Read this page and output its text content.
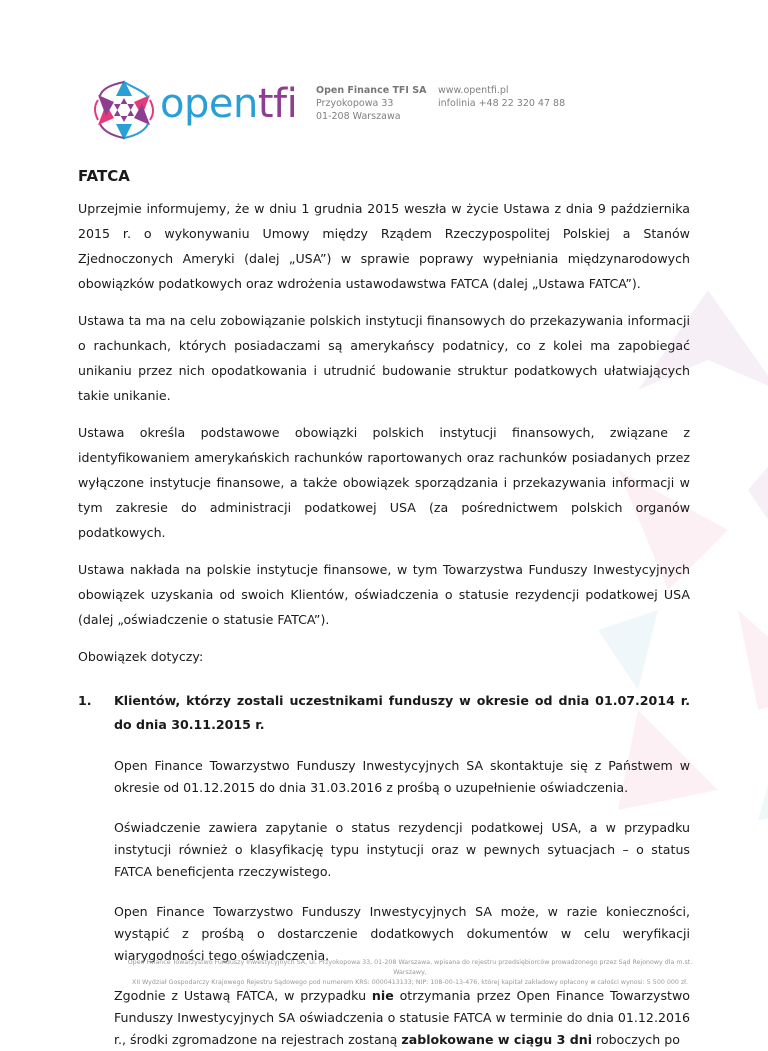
opentfi Open Finance TFI SA
Przyokopowa 33
01-208 Warszawa
www.opentfi.pl
infolinia +48 22 320 47 88
FATCA

Uprzejmie informujemy, że w dniu 1 grudnia 2015 weszła w życie Ustawa z dnia 9 października 2015 r. o wykonywaniu Umowy między Rządem Rzeczypospolitej Polskiej a Stanów Zjednoczonych Ameryki (dalej „USA”) w sprawie poprawy wypełniania międzynarodowych obowiązków podatkowych oraz wdrożenia ustawodawstwa FATCA (dalej „Ustawa FATCA”).

Ustawa ta ma na celu zobowiązanie polskich instytucji finansowych do przekazywania informacji o rachunkach, których posiadaczami są amerykańscy podatnicy, co z kolei ma zapobiegać unikaniu przez nich opodatkowania i utrudnić budowanie struktur podatkowych ułatwiających takie unikanie.

Ustawa określa podstawowe obowiązki polskich instytucji finansowych, związane z identyfikowaniem amerykańskich rachunków raportowanych oraz rachunków posiadanych przez wyłączone instytucje finansowe, a także obowiązek sporządzania i przekazywania informacji w tym zakresie do administracji podatkowej USA (za pośrednictwem polskich organów podatkowych.

Ustawa nakłada na polskie instytucje finansowe, w tym Towarzystwa Funduszy Inwestycyjnych obowiązek uzyskania od swoich Klientów, oświadczenia o statusie rezydencji podatkowej USA (dalej „oświadczenie o statusie FATCA”).

Obowiązek dotyczy:

1.	Klientów, którzy zostali uczestnikami funduszy w okresie od dnia 01.07.2014 r. do dnia 30.11.2015 r.
Open Finance Towarzystwo Funduszy Inwestycyjnych SA skontaktuje się z Państwem w okresie od 01.12.2015 do dnia 31.03.2016 z prośbą o uzupełnienie oświadczenia.
Oświadczenie zawiera zapytanie o status rezydencji podatkowej USA, a w przypadku instytucji również o klasyfikację typu instytucji oraz w pewnych sytuacjach – o status FATCA beneficjenta rzeczywistego.
Open Finance Towarzystwo Funduszy Inwestycyjnych SA może, w razie konieczności, wystąpić z prośbą o dostarczenie dodatkowych dokumentów w celu weryfikacji wiarygodności tego oświadczenia.
Zgodnie z Ustawą FATCA, w przypadku nie otrzymania przez Open Finance Towarzystwo Funduszy Inwestycyjnych SA oświadczenia o statusie FATCA w terminie do dnia 01.12.2016 r., środki zgromadzone na rejestrach zostaną zablokowane w ciągu 3 dni roboczych po
Open Finance Towarzystwo Funduszy Inwestycyjnych SA, ul. Przyokopowa 33, 01-208 Warszawa, wpisana do rejestru przedsiębiorców prowadzonego przez Sąd Rejonowy dla m.st. Warszawy,
XII Wydział Gospodarczy Krajowego Rejestru Sądowego pod numerem KRS: 0000413133; NIP: 108-00-13-476, której kapitał zakładowy opłacony w całości wynosi: 5 500 000 zł.
